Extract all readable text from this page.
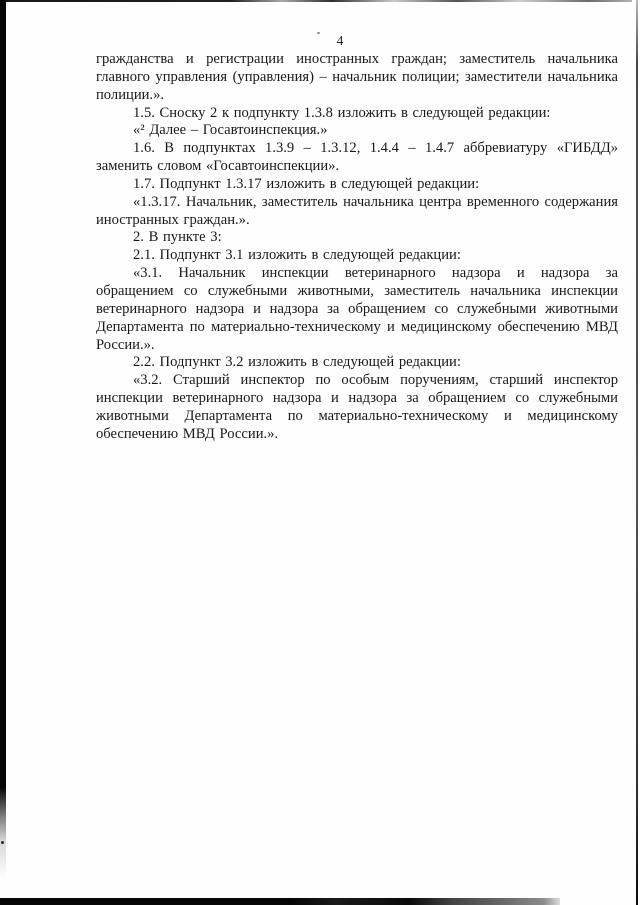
4

гражданства и регистрации иностранных граждан; заместитель начальника главного управления (управления) – начальник полиции; заместители начальника полиции.».

1.5. Сноску 2 к подпункту 1.3.8 изложить в следующей редакции:

«² Далее – Госавтоинспекция.»

1.6. В подпунктах 1.3.9 – 1.3.12, 1.4.4 – 1.4.7 аббревиатуру «ГИБДД» заменить словом «Госавтоинспекции».

1.7. Подпункт 1.3.17 изложить в следующей редакции:

«1.3.17. Начальник, заместитель начальника центра временного содержания иностранных граждан.».

2. В пункте 3:

2.1. Подпункт 3.1 изложить в следующей редакции:

«3.1. Начальник инспекции ветеринарного надзора и надзора за обращением со служебными животными, заместитель начальника инспекции ветеринарного надзора и надзора за обращением со служебными животными Департамента по материально-техническому и медицинскому обеспечению МВД России.».

2.2. Подпункт 3.2 изложить в следующей редакции:

«3.2. Старший инспектор по особым поручениям, старший инспектор инспекции ветеринарного надзора и надзора за обращением со служебными животными Департамента по материально-техническому и медицинскому обеспечению МВД России.».
